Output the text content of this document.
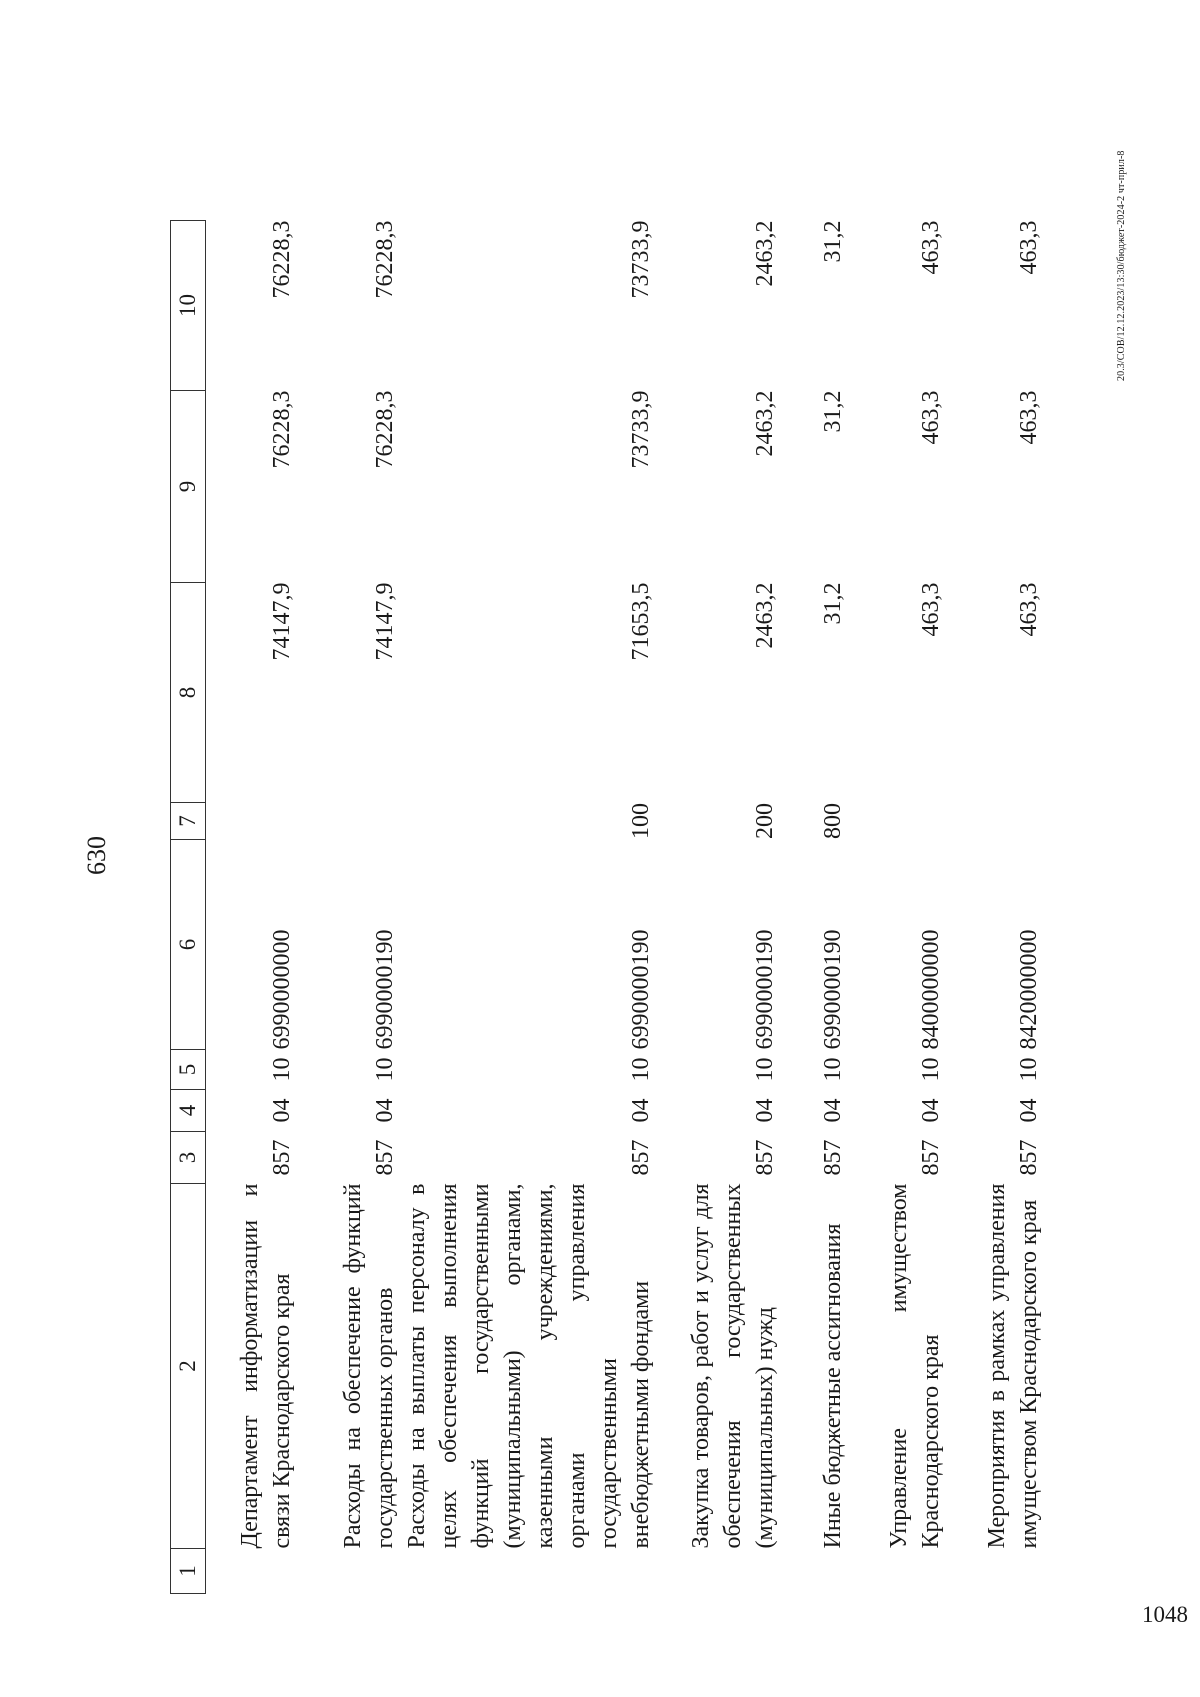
1048
630
1	2	3	4	5	6	7	8	9	10
	Департамент информатизации и связи Краснодарского края	857	04	10	6990000000		74147,9	76228,3	76228,3
	Расходы на обеспечение функций государственных органов	857	04	10	6990000190		74147,9	76228,3	76228,3
	Расходы на выплаты персоналу в целях обеспечения выполнения функций государственными (муниципальными) органами, казенными учреждениями, органами управления государственными внебюджетными фондами	857	04	10	6990000190	100	71653,5	73733,9	73733,9
	Закупка товаров, работ и услуг для обеспечения государственных (муниципальных) нужд	857	04	10	6990000190	200	2463,2	2463,2	2463,2
	Иные бюджетные ассигнования	857	04	10	6990000190	800	31,2	31,2	31,2
	Управление имуществом Краснодарского края	857	04	10	8400000000		463,3	463,3	463,3
	Мероприятия в рамках управления имуществом Краснодарского края	857	04	10	8420000000		463,3	463,3	463,3	20.3/СОВ/12.12.2023/13:30/бюджет-2024-2 чт-прил-8
